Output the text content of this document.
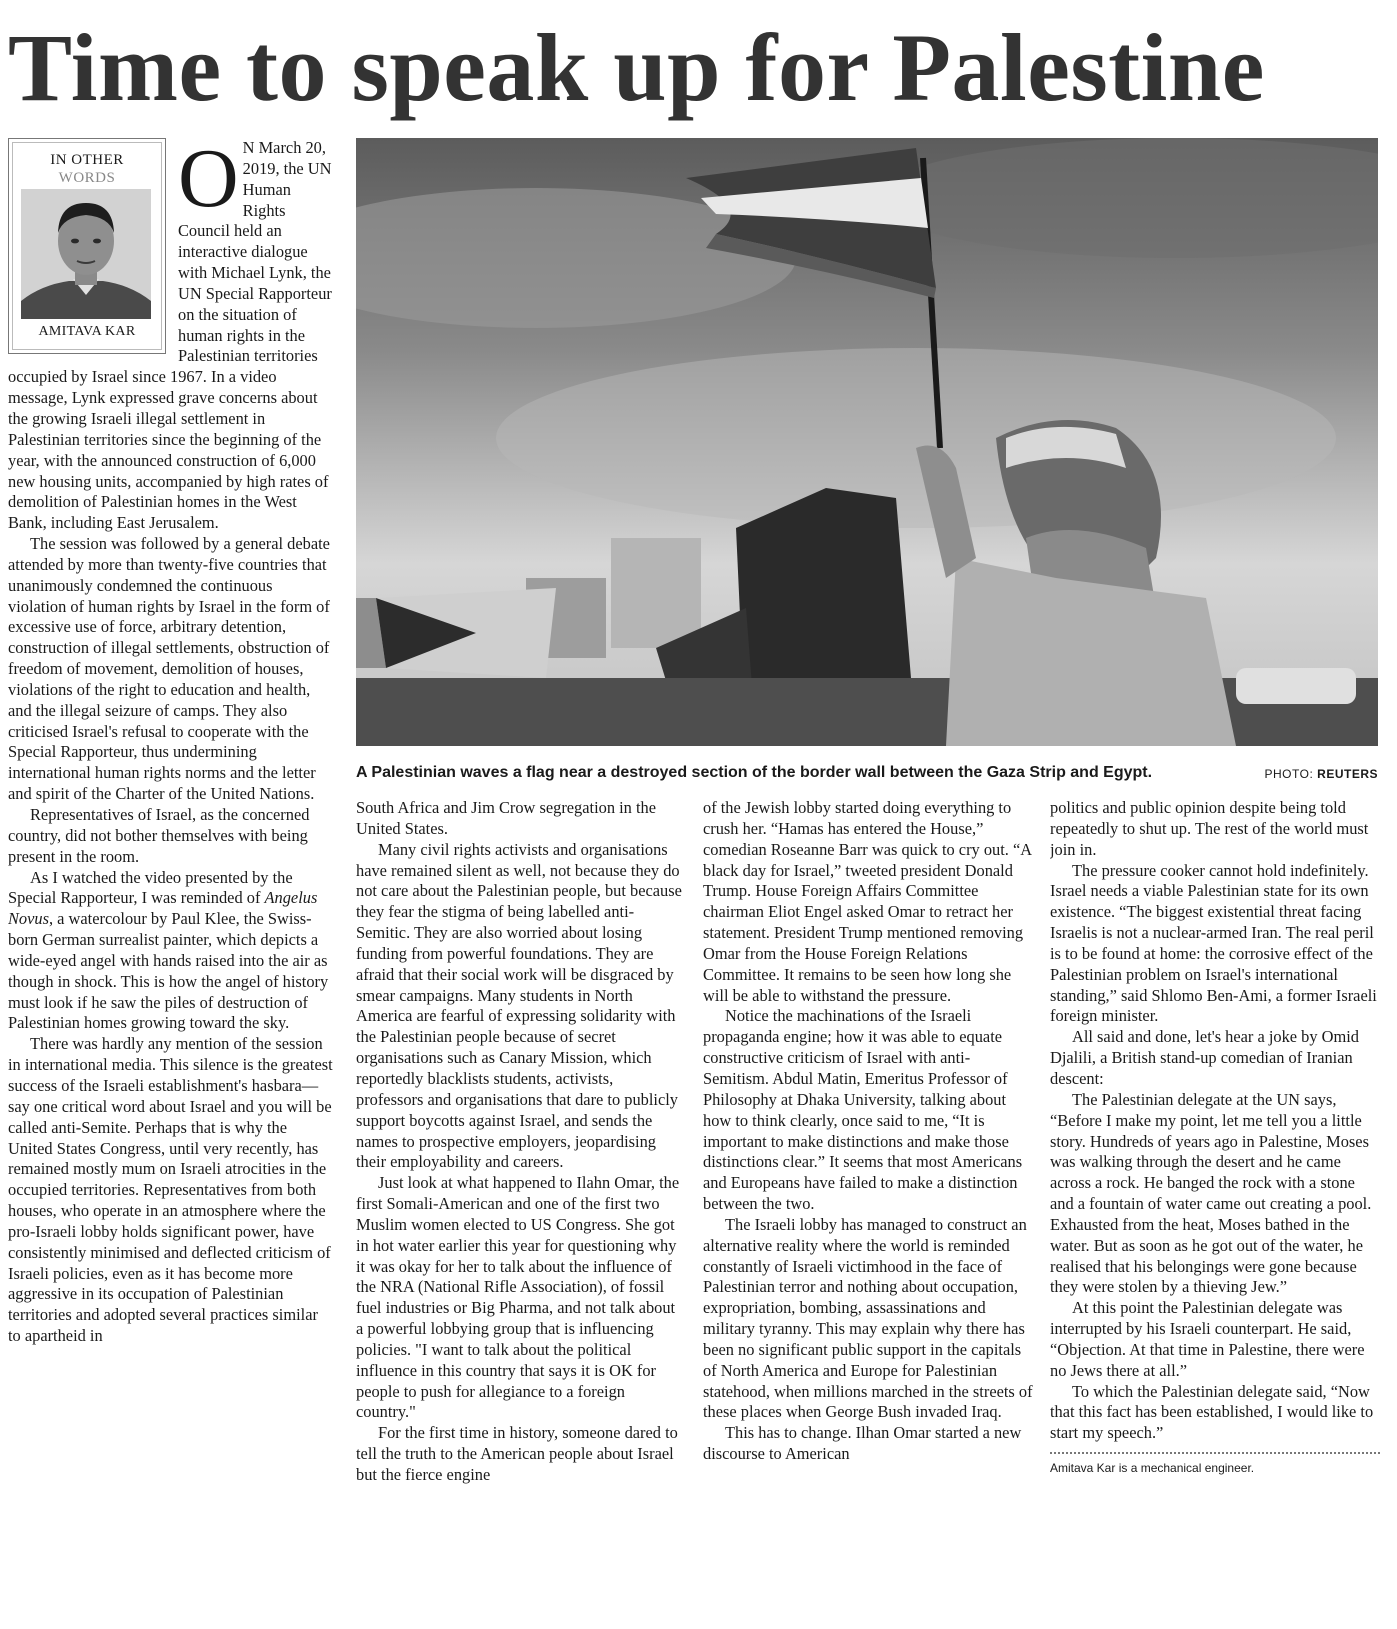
Time to speak up for Palestine
IN OTHER
WORDS
AMITAVA KAR

O N March 20, 2019, the UN Human Rights Council held an interactive dialogue with Michael Lynk, the UN Special Rapporteur on the situation of human rights in the Palestinian territories occupied by Israel since 1967. In a video message, Lynk expressed grave concerns about the growing Israeli illegal settlement in Palestinian territories since the beginning of the year, with the announced construction of 6,000 new housing units, accompanied by high rates of demolition of Palestinian homes in the West Bank, including East Jerusalem.

The session was followed by a general debate attended by more than twenty-five countries that unanimously condemned the continuous violation of human rights by Israel in the form of excessive use of force, arbitrary detention, construction of illegal settlements, obstruction of freedom of movement, demolition of houses, violations of the right to education and health, and the illegal seizure of camps. They also criticised Israel's refusal to cooperate with the Special Rapporteur, thus undermining international human rights norms and the letter and spirit of the Charter of the United Nations.

Representatives of Israel, as the concerned country, did not bother themselves with being present in the room.

As I watched the video presented by the Special Rapporteur, I was reminded of Angelus Novus, a watercolour by Paul Klee, the Swiss-born German surrealist painter, which depicts a wide-eyed angel with hands raised into the air as though in shock. This is how the angel of history must look if he saw the piles of destruction of Palestinian homes growing toward the sky.

There was hardly any mention of the session in international media. This silence is the greatest success of the Israeli establishment's hasbara—say one critical word about Israel and you will be called anti-Semite. Perhaps that is why the United States Congress, until very recently, has remained mostly mum on Israeli atrocities in the occupied territories. Representatives from both houses, who operate in an atmosphere where the pro-Israeli lobby holds significant power, have consistently minimised and deflected criticism of Israeli policies, even as it has become more aggressive in its occupation of Palestinian territories and adopted several practices similar to apartheid in

A Palestinian waves a flag near a destroyed section of the border wall between the Gaza Strip and Egypt.	PHOTO: REUTERS

South Africa and Jim Crow segregation in the United States.

Many civil rights activists and organisations have remained silent as well, not because they do not care about the Palestinian people, but because they fear the stigma of being labelled anti-Semitic. They are also worried about losing funding from powerful foundations. They are afraid that their social work will be disgraced by smear campaigns. Many students in North America are fearful of expressing solidarity with the Palestinian people because of secret organisations such as Canary Mission, which reportedly blacklists students, activists, professors and organisations that dare to publicly support boycotts against Israel, and sends the names to prospective employers, jeopardising their employability and careers.

Just look at what happened to Ilahn Omar, the first Somali-American and one of the first two Muslim women elected to US Congress. She got in hot water earlier this year for questioning why it was okay for her to talk about the influence of the NRA (National Rifle Association), of fossil fuel industries or Big Pharma, and not talk about a powerful lobbying group that is influencing policies. "I want to talk about the political influence in this country that says it is OK for people to push for allegiance to a foreign country."

For the first time in history, someone dared to tell the truth to the American people about Israel but the fierce engine

of the Jewish lobby started doing everything to crush her. “Hamas has entered the House,” comedian Roseanne Barr was quick to cry out. “A black day for Israel,” tweeted president Donald Trump. House Foreign Affairs Committee chairman Eliot Engel asked Omar to retract her statement. President Trump mentioned removing Omar from the House Foreign Relations Committee. It remains to be seen how long she will be able to withstand the pressure.

Notice the machinations of the Israeli propaganda engine; how it was able to equate constructive criticism of Israel with anti-Semitism. Abdul Matin, Emeritus Professor of Philosophy at Dhaka University, talking about how to think clearly, once said to me, “It is important to make distinctions and make those distinctions clear.” It seems that most Americans and Europeans have failed to make a distinction between the two.

The Israeli lobby has managed to construct an alternative reality where the world is reminded constantly of Israeli victimhood in the face of Palestinian terror and nothing about occupation, expropriation, bombing, assassinations and military tyranny. This may explain why there has been no significant public support in the capitals of North America and Europe for Palestinian statehood, when millions marched in the streets of these places when George Bush invaded Iraq.

This has to change. Ilhan Omar started a new discourse to American

politics and public opinion despite being told repeatedly to shut up. The rest of the world must join in.

The pressure cooker cannot hold indefinitely. Israel needs a viable Palestinian state for its own existence. “The biggest existential threat facing Israelis is not a nuclear-armed Iran. The real peril is to be found at home: the corrosive effect of the Palestinian problem on Israel's international standing,” said Shlomo Ben-Ami, a former Israeli foreign minister.

All said and done, let's hear a joke by Omid Djalili, a British stand-up comedian of Iranian descent:

The Palestinian delegate at the UN says, “Before I make my point, let me tell you a little story. Hundreds of years ago in Palestine, Moses was walking through the desert and he came across a rock. He banged the rock with a stone and a fountain of water came out creating a pool. Exhausted from the heat, Moses bathed in the water. But as soon as he got out of the water, he realised that his belongings were gone because they were stolen by a thieving Jew.”

At this point the Palestinian delegate was interrupted by his Israeli counterpart. He said, “Objection. At that time in Palestine, there were no Jews there at all.”

To which the Palestinian delegate said, “Now that this fact has been established, I would like to start my speech.”

Amitava Kar is a mechanical engineer.
